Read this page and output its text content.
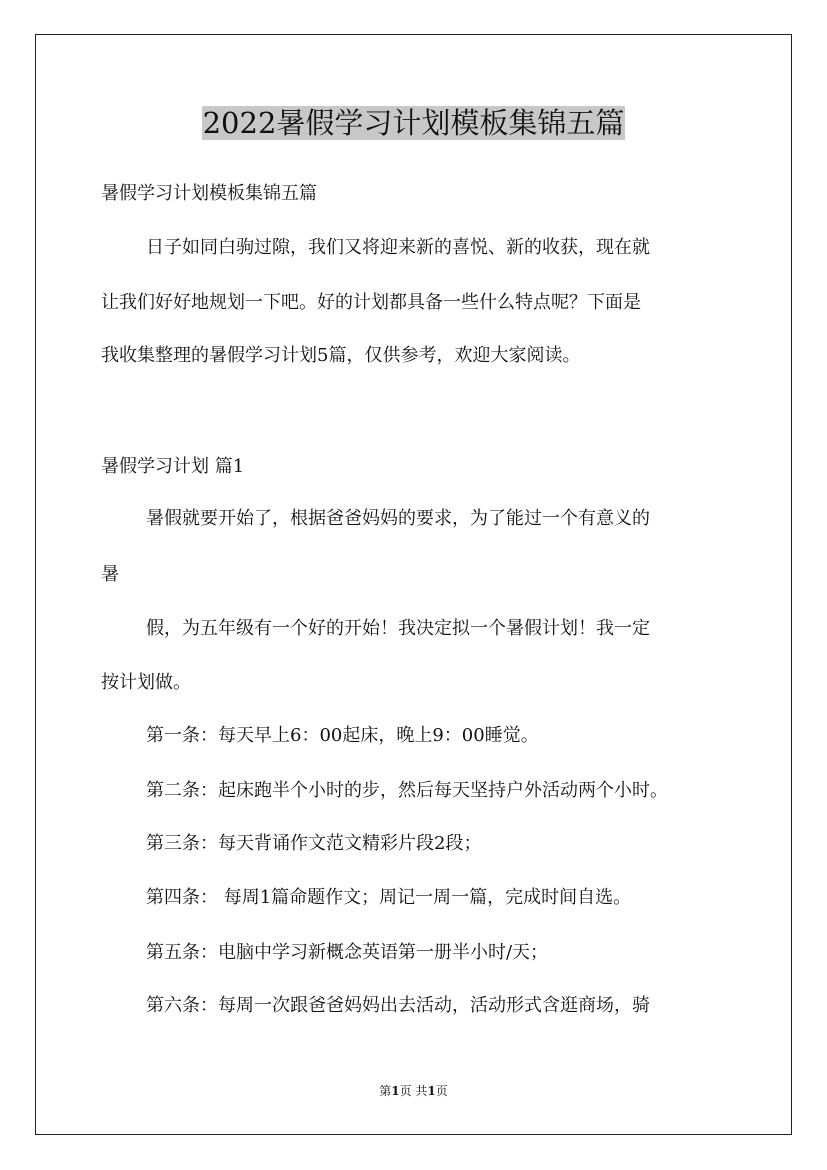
2022暑假学习计划模板集锦五篇

暑假学习计划模板集锦五篇

日子如同白驹过隙，我们又将迎来新的喜悦、新的收获，现在就

让我们好好地规划一下吧。好的计划都具备一些什么特点呢？下面是

我收集整理的暑假学习计划5篇，仅供参考，欢迎大家阅读。

暑假学习计划 篇1

暑假就要开始了，根据爸爸妈妈的要求，为了能过一个有意义的

暑

假，为五年级有一个好的开始！我决定拟一个暑假计划！我一定

按计划做。

第一条：每天早上6：00起床，晚上9：00睡觉。

第二条：起床跑半个小时的步，然后每天坚持户外活动两个小时。

第三条：每天背诵作文范文精彩片段2段；

第四条： 每周1篇命题作文；周记一周一篇，完成时间自选。

第五条：电脑中学习新概念英语第一册半小时/天；

第六条：每周一次跟爸爸妈妈出去活动，活动形式含逛商场，骑

第1页 共1页
